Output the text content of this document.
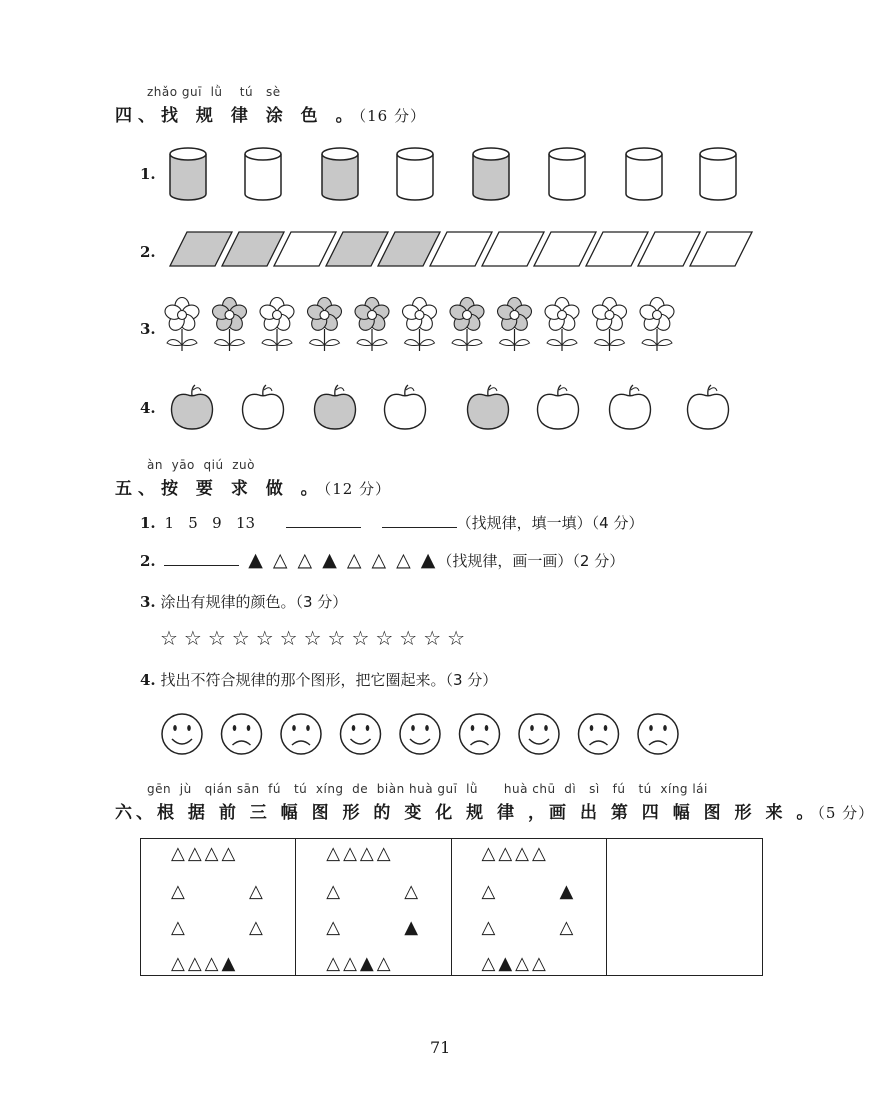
zhǎo guī  lǜ    tú   sè
四、找 规 律 涂 色 。（16 分）
1.
2.
3.
4.
àn  yāo  qiú  zuò
五、按 要 求 做 。（12 分）
1. 1   5   9   13	（找规律，填一填）（4 分）
2.	▲ △ △ ▲ △ △ △ ▲（找规律，画一画）（2 分）
3. 涂出有规律的颜色。（3 分）
☆☆☆☆☆☆☆☆☆☆☆☆☆
4. 找出不符合规律的那个图形，把它圈起来。（3 分）
gēn  jù   qián sān  fú   tú  xíng  de  biàn huà guī  lǜ      huà chū  dì   sì   fú   tú  xíng lái
六、根 据 前 三 幅 图 形 的 变 化 规 律 ，画 出 第 四 幅 图 形 来 。（5 分）
△△△△
△	△
△	△
△△△▲
△△△△
△	△
△	▲
△△▲△
△△△△
△	▲
△	△
△▲△△
71
